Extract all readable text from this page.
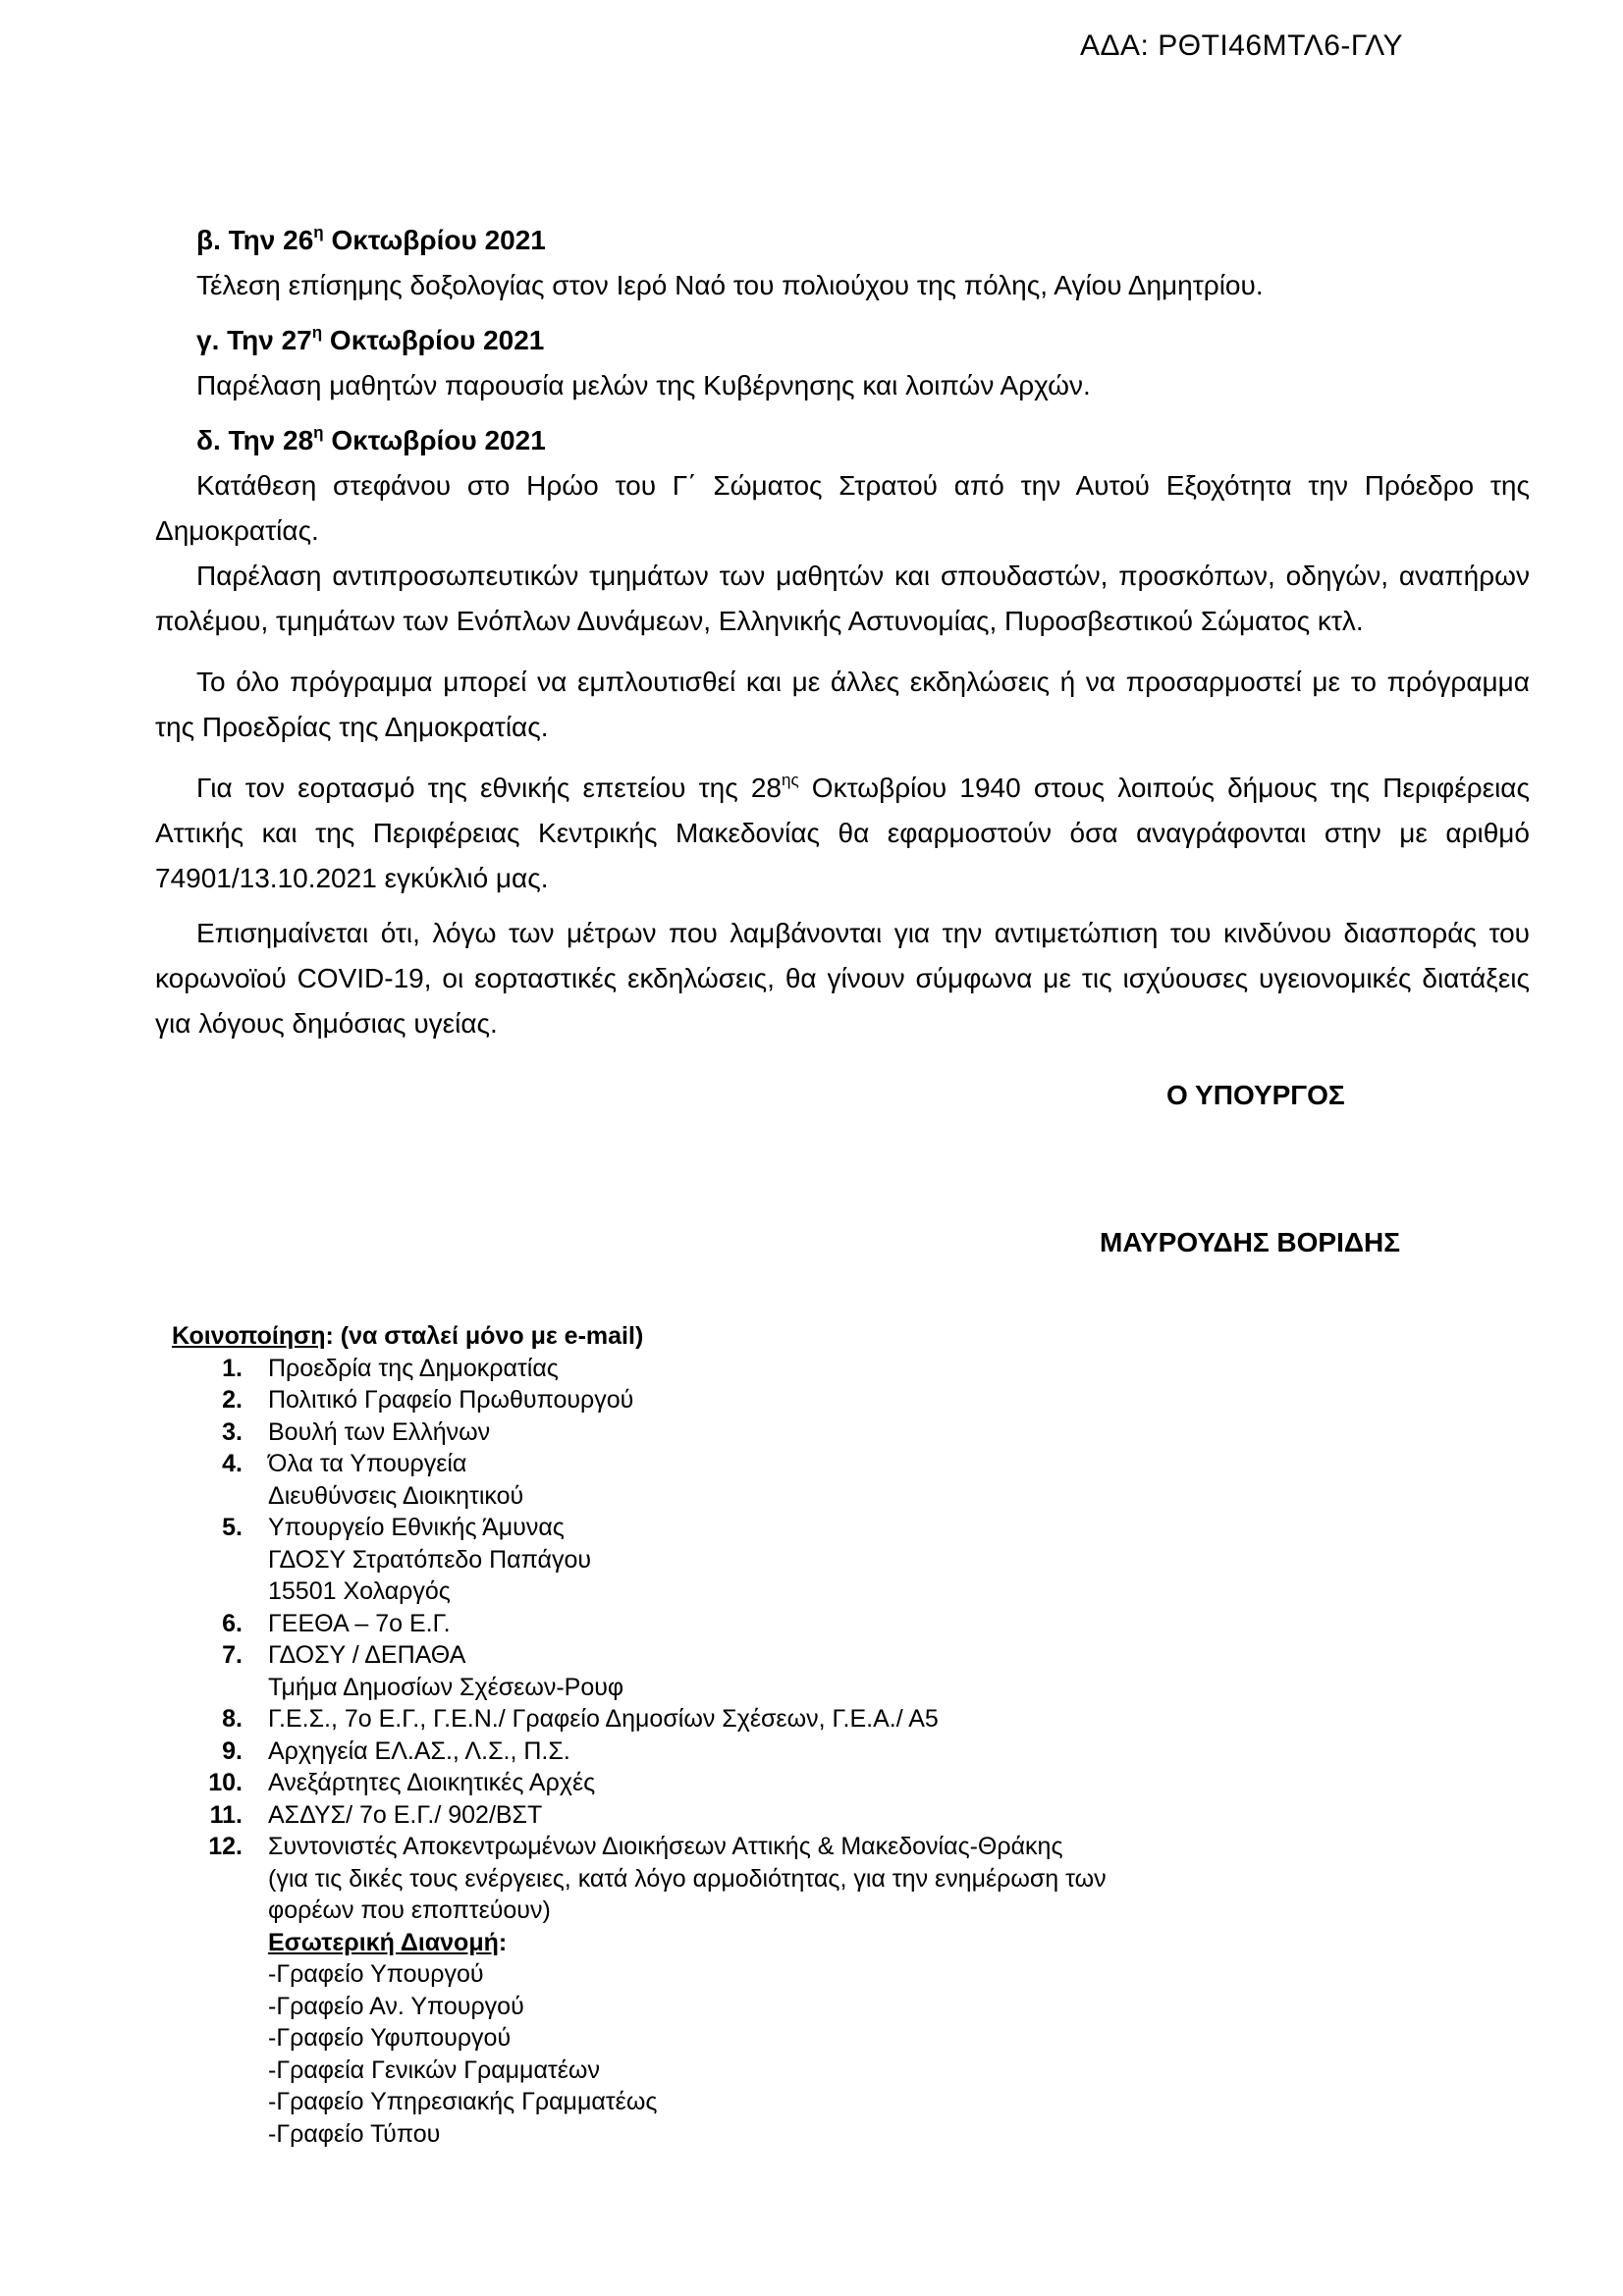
ΑΔΑ: ΡΘΤΙ46ΜΤΛ6-ΓΛΥ
β. Την $26^\eta$ Οκτωβρίου 2021
Τέλεση επίσημης δοξολογίας στον Ιερό Ναό του πολιούχου της πόλης, Αγίου Δημητρίου.
γ. Την $27^\eta$ Οκτωβρίου 2021
Παρέλαση μαθητών παρουσία μελών της Κυβέρνησης και λοιπών Αρχών.
δ. Την $28^\eta$ Οκτωβρίου 2021

Κατάθεση στεφάνου στο Ηρώο του Γ΄ Σώματος Στρατού από την Αυτού Εξοχότητα την Πρόεδρο της Δημοκρατίας.

Παρέλαση αντιπροσωπευτικών τμημάτων των μαθητών και σπουδαστών, προσκόπων, οδηγών, αναπήρων πολέμου, τμημάτων των Ενόπλων Δυνάμεων, Ελληνικής Αστυνομίας, Πυροσβεστικού Σώματος κτλ.

Το όλο πρόγραμμα μπορεί να εμπλουτισθεί και με άλλες εκδηλώσεις ή να προσαρμοστεί με το πρόγραμμα της Προεδρίας της Δημοκρατίας.

Για τον εορτασμό της εθνικής επετείου της $28^{\eta\varsigma}$ Οκτωβρίου 1940 στους λοιπούς δήμους της Περιφέρειας Αττικής και της Περιφέρειας Κεντρικής Μακεδονίας θα εφαρμοστούν όσα αναγράφονται στην με αριθμό 74901/13.10.2021 εγκύκλιό μας.

Επισημαίνεται ότι, λόγω των μέτρων που λαμβάνονται για την αντιμετώπιση του κινδύνου διασποράς του κορωνοϊού COVID-19, οι εορταστικές εκδηλώσεις, θα γίνουν σύμφωνα με τις ισχύουσες υγειονομικές διατάξεις για λόγους δημόσιας υγείας.

Ο ΥΠΟΥΡΓΟΣ
ΜΑΥΡΟΥΔΗΣ ΒΟΡΙΔΗΣ
Κοινοποίηση: (να σταλεί μόνο με e-mail)
1. Προεδρία της Δημοκρατίας
2. Πολιτικό Γραφείο Πρωθυπουργού
3. Βουλή των Ελλήνων
4. Όλα τα Υπουργεία
Διευθύνσεις Διοικητικού
5. Υπουργείο Εθνικής Άμυνας
ΓΔΟΣΥ Στρατόπεδο Παπάγου
15501 Χολαργός
6. ΓΕΕΘΑ – 7ο Ε.Γ.
7. ΓΔΟΣΥ / ΔΕΠΑΘΑ
Τμήμα Δημοσίων Σχέσεων-Ρουφ
8. Γ.Ε.Σ., 7ο Ε.Γ., Γ.Ε.Ν./ Γραφείο Δημοσίων Σχέσεων, Γ.Ε.Α./ Α5
9. Αρχηγεία ΕΛ.ΑΣ., Λ.Σ., Π.Σ.
10. Ανεξάρτητες Διοικητικές Αρχές
11. ΑΣΔΥΣ/ 7ο Ε.Γ./ 902/ΒΣΤ
12. Συντονιστές Αποκεντρωμένων Διοικήσεων Αττικής & Μακεδονίας-Θράκης
(για τις δικές τους ενέργειες, κατά λόγο αρμοδιότητας, για την ενημέρωση των
φορέων που εποπτεύουν)
Εσωτερική Διανομή:
-Γραφείο Υπουργού
-Γραφείο Αν. Υπουργού
-Γραφείο Υφυπουργού
-Γραφεία Γενικών Γραμματέων
-Γραφείο Υπηρεσιακής Γραμματέως
-Γραφείο Τύπου
